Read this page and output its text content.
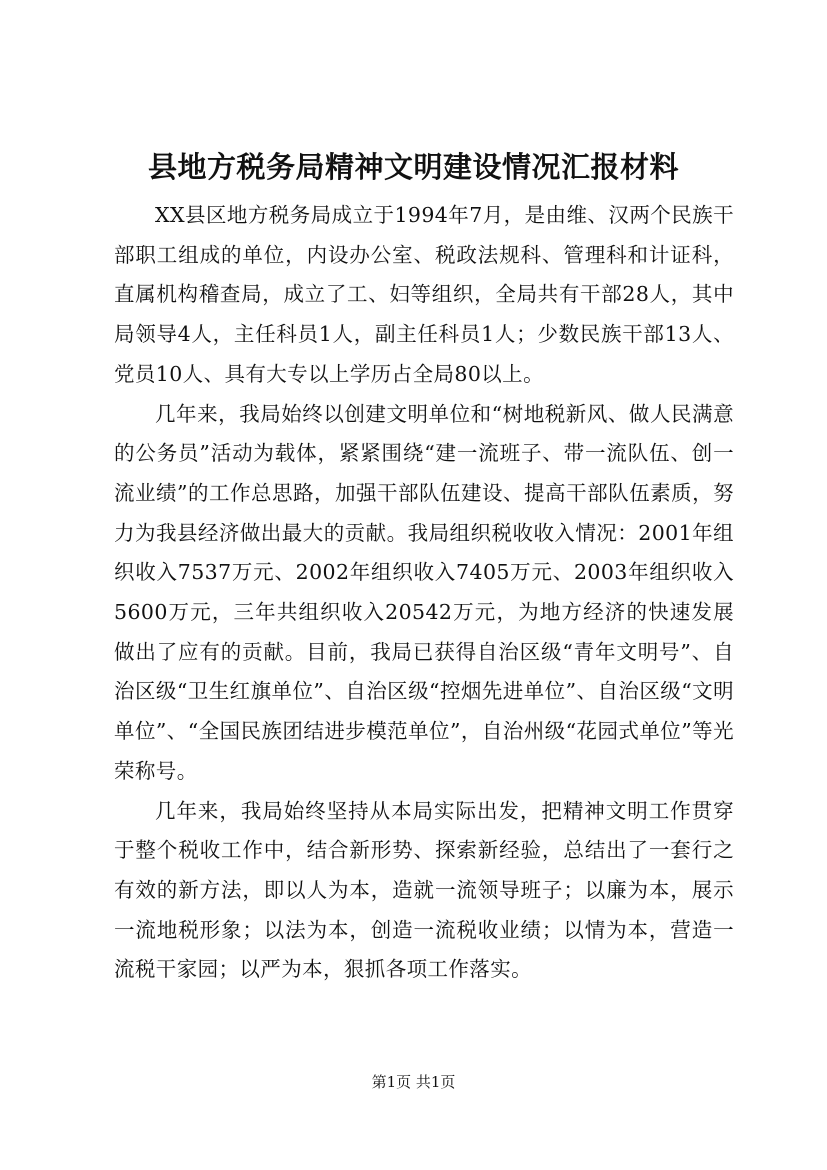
县地方税务局精神文明建设情况汇报材料

XX县区地方税务局成立于1994年7月，是由维、汉两个民族干部职工组成的单位，内设办公室、税政法规科、管理科和计证科，直属机构稽查局，成立了工、妇等组织，全局共有干部28人，其中局领导4人，主任科员1人，副主任科员1人；少数民族干部13人、党员10人、具有大专以上学历占全局80以上。

几年来，我局始终以创建文明单位和“树地税新风、做人民满意的公务员”活动为载体，紧紧围绕“建一流班子、带一流队伍、创一流业绩”的工作总思路，加强干部队伍建设、提高干部队伍素质，努力为我县经济做出最大的贡献。我局组织税收收入情况：2001年组织收入7537万元、2002年组织收入7405万元、2003年组织收入5600万元，三年共组织收入20542万元，为地方经济的快速发展做出了应有的贡献。目前，我局已获得自治区级“青年文明号”、自治区级“卫生红旗单位”、自治区级“控烟先进单位”、自治区级“文明单位”、“全国民族团结进步模范单位”，自治州级“花园式单位”等光荣称号。

几年来，我局始终坚持从本局实际出发，把精神文明工作贯穿于整个税收工作中，结合新形势、探索新经验，总结出了一套行之有效的新方法，即以人为本，造就一流领导班子；以廉为本，展示一流地税形象；以法为本，创造一流税收业绩；以情为本，营造一流税干家园；以严为本，狠抓各项工作落实。

第1页 共1页
